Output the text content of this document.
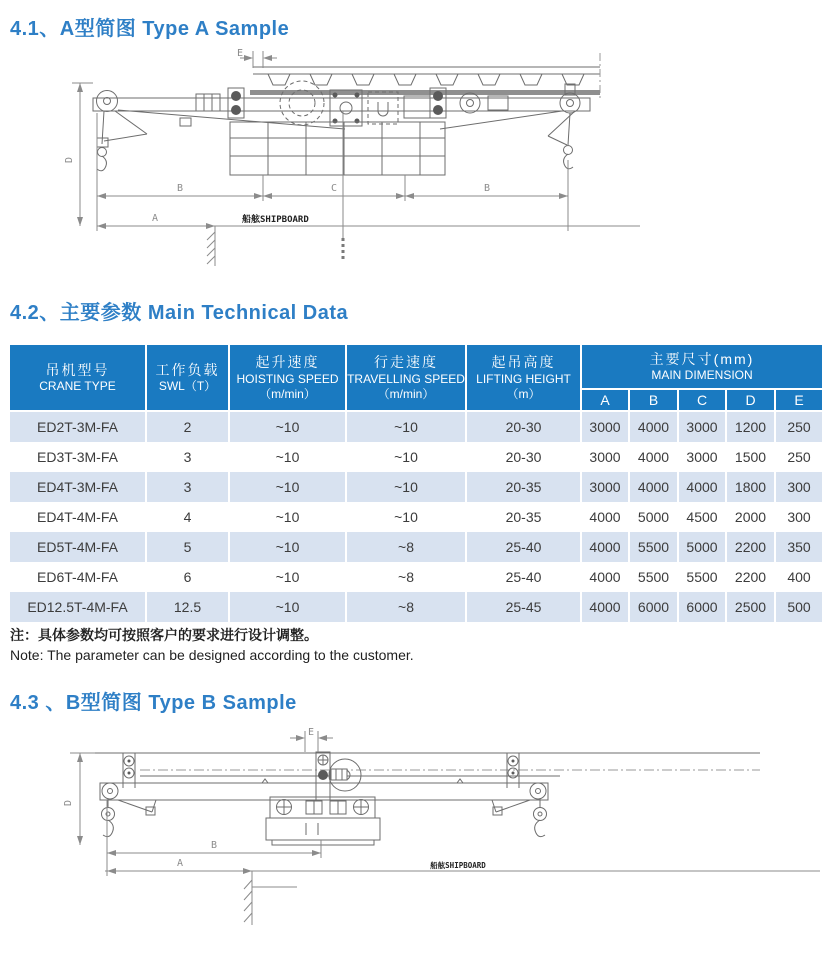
4.1、A型简图 Type A Sample
D
E
B	C	B
A	船舷SHIPBOARD
4.2、主要参数 Main Technical Data
吊机型号
CRANE TYPE

工作负载
SWL（T）

起升速度
HOISTING SPEED
（m/min）

行走速度
TRAVELLING SPEED
（m/min）

起吊高度
LIFTING HEIGHT
（m）

主要尺寸(mm)
MAIN DIMENSION

					A	B	C	D	E
ED2T-3M-FA	2	~10	~10	20-30	3000	4000	3000	1200	250
ED3T-3M-FA	3	~10	~10	20-30	3000	4000	3000	1500	250
ED4T-3M-FA	3	~10	~10	20-35	3000	4000	4000	1800	300
ED4T-4M-FA	4	~10	~10	20-35	4000	5000	4500	2000	300
ED5T-4M-FA	5	~10	~8	25-40	4000	5500	5000	2200	350
ED6T-4M-FA	6	~10	~8	25-40	4000	5500	5500	2200	400
ED12.5T-4M-FA	12.5	~10	~8	25-45	4000	6000	6000	2500	500
注：具体参数均可按照客户的要求进行设计调整。
Note: The parameter can be designed according to the customer.
4.3 、B型简图 Type B Sample
D
E
B
A	船舷SHIPBOARD
